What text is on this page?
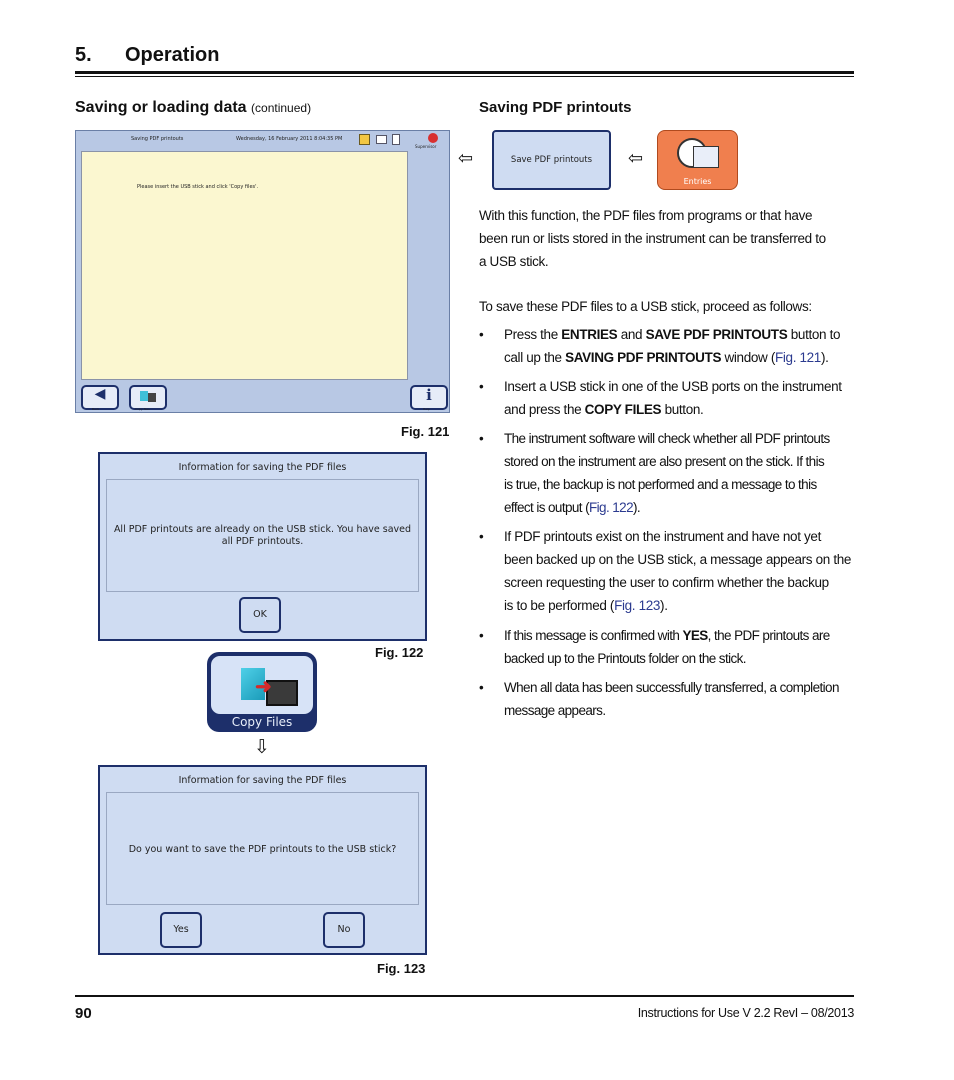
5. Operation
Saving or loading data (continued)
Saving PDF printouts	Wednesday, 16 February 2011 8:04:35 PM
Supervisor
Please insert the USB stick and click 'Copy files'.
◀
Back	Copy files
i
Help
Fig. 121
Information for saving the PDF files
All PDF printouts are already on the USB stick. You have saved
all PDF printouts.
OK
Fig. 122
➜
Copy Files
⇩
Information for saving the PDF files
Do you want to save the PDF printouts to the USB stick?
Yes	No
Fig. 123
Saving PDF printouts
⇦	Save PDF printouts	⇦
Entries
With this function, the PDF files from programs or that have
been run or lists stored in the instrument can be transferred to
a USB stick.
To save these PDF files to a USB stick, proceed as follows:
• Press the ENTRIES and SAVE PDF PRINTOUTS button to
call up the SAVING PDF PRINTOUTS window (Fig. 121).
• Insert a USB stick in one of the USB ports on the instrument
and press the COPY FILES button.
• The instrument software will check whether all PDF printouts
stored on the instrument are also present on the stick. If this
is true, the backup is not performed and a message to this
effect is output (Fig. 122).
• If PDF printouts exist on the instrument and have not yet
been backed up on the USB stick, a message appears on the
screen requesting the user to confirm whether the backup
is to be performed (Fig. 123).
• If this message is confirmed with YES, the PDF printouts are
backed up to the Printouts folder on the stick.
• When all data has been successfully transferred, a completion
message appears.
90	Instructions for Use V 2.2 RevI – 08/2013
